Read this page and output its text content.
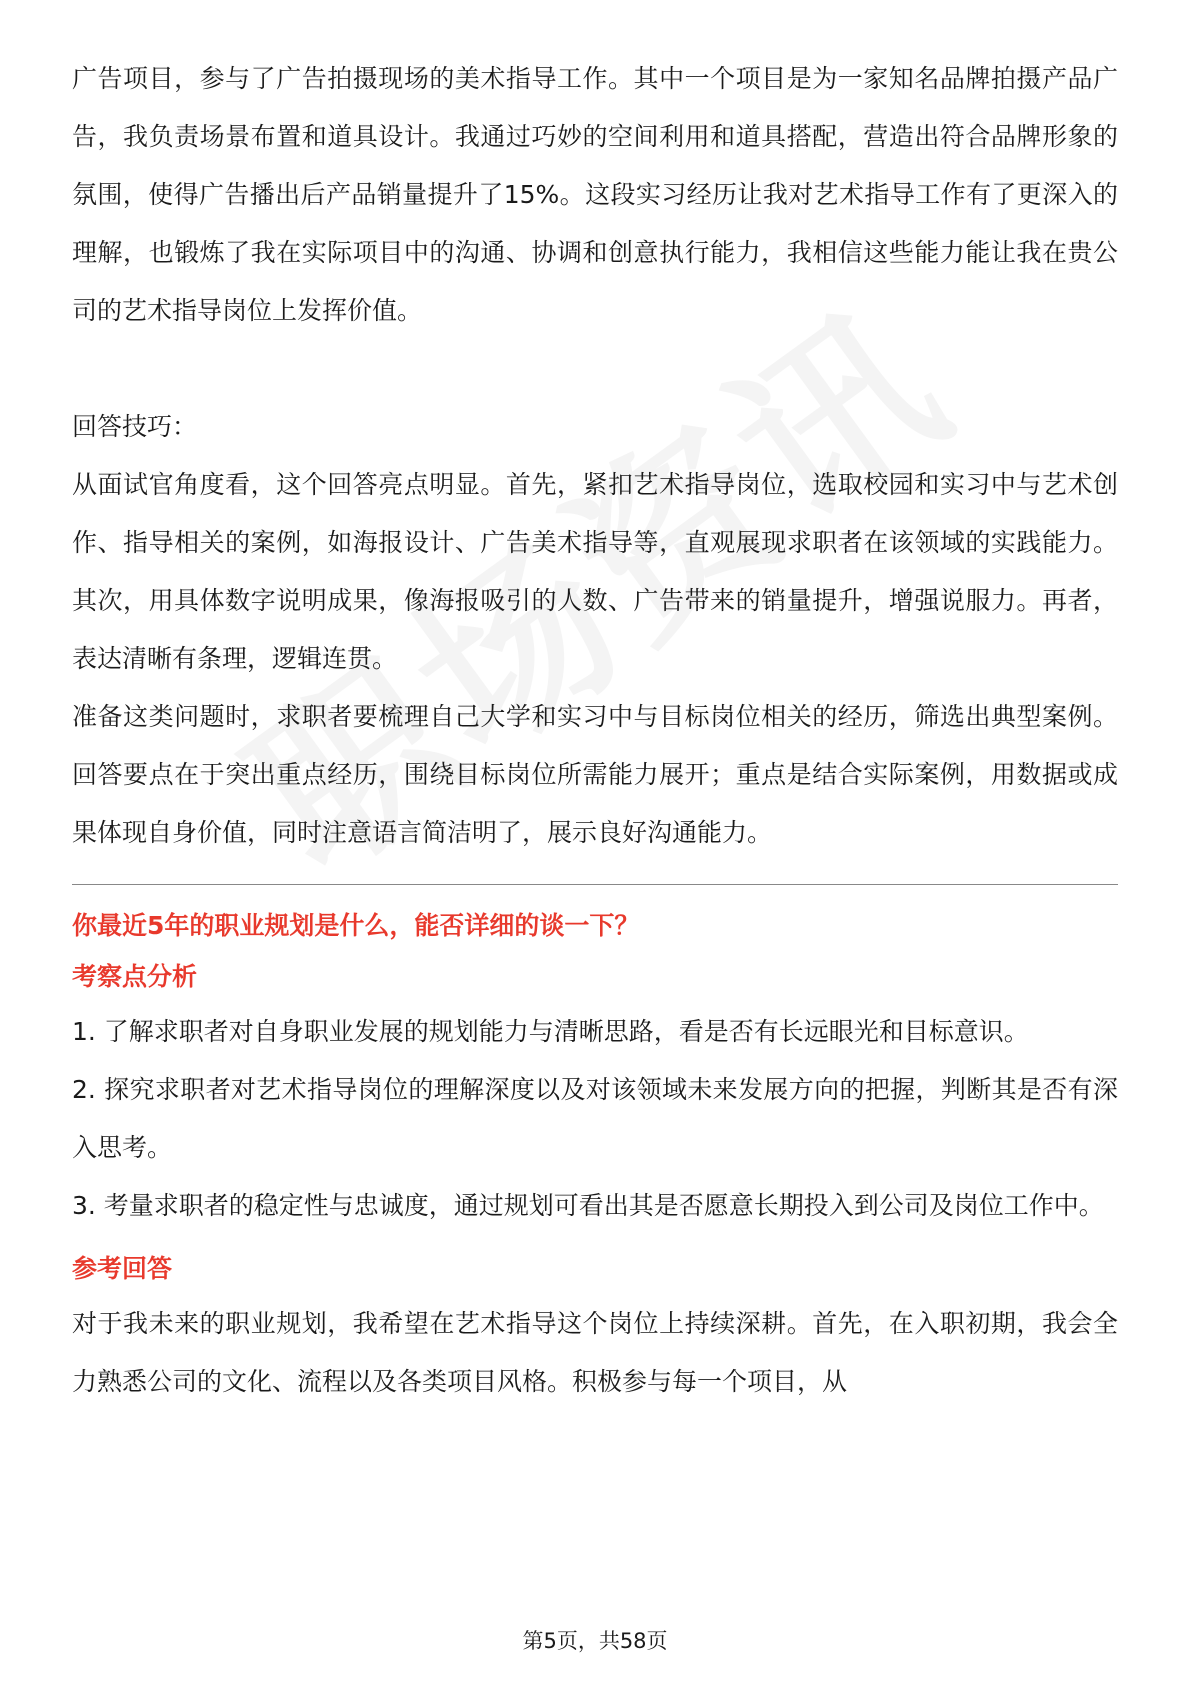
广告项目，参与了广告拍摄现场的美术指导工作。其中一个项目是为一家知名品牌拍摄产品广告，我负责场景布置和道具设计。我通过巧妙的空间利用和道具搭配，营造出符合品牌形象的氛围，使得广告播出后产品销量提升了15%。这段实习经历让我对艺术指导工作有了更深入的理解，也锻炼了我在实际项目中的沟通、协调和创意执行能力，我相信这些能力能让我在贵公司的艺术指导岗位上发挥价值。

回答技巧：

从面试官角度看，这个回答亮点明显。首先，紧扣艺术指导岗位，选取校园和实习中与艺术创作、指导相关的案例，如海报设计、广告美术指导等，直观展现求职者在该领域的实践能力。其次，用具体数字说明成果，像海报吸引的人数、广告带来的销量提升，增强说服力。再者，表达清晰有条理，逻辑连贯。

准备这类问题时，求职者要梳理自己大学和实习中与目标岗位相关的经历，筛选出典型案例。回答要点在于突出重点经历，围绕目标岗位所需能力展开；重点是结合实际案例，用数据或成果体现自身价值，同时注意语言简洁明了，展示良好沟通能力。

你最近5年的职业规划是什么，能否详细的谈一下？

考察点分析

1. 了解求职者对自身职业发展的规划能力与清晰思路，看是否有长远眼光和目标意识。

2. 探究求职者对艺术指导岗位的理解深度以及对该领域未来发展方向的把握，判断其是否有深入思考。

3. 考量求职者的稳定性与忠诚度，通过规划可看出其是否愿意长期投入到公司及岗位工作中。

参考回答

对于我未来的职业规划，我希望在艺术指导这个岗位上持续深耕。首先，在入职初期，我会全力熟悉公司的文化、流程以及各类项目风格。积极参与每一个项目，从

第5页，共58页
